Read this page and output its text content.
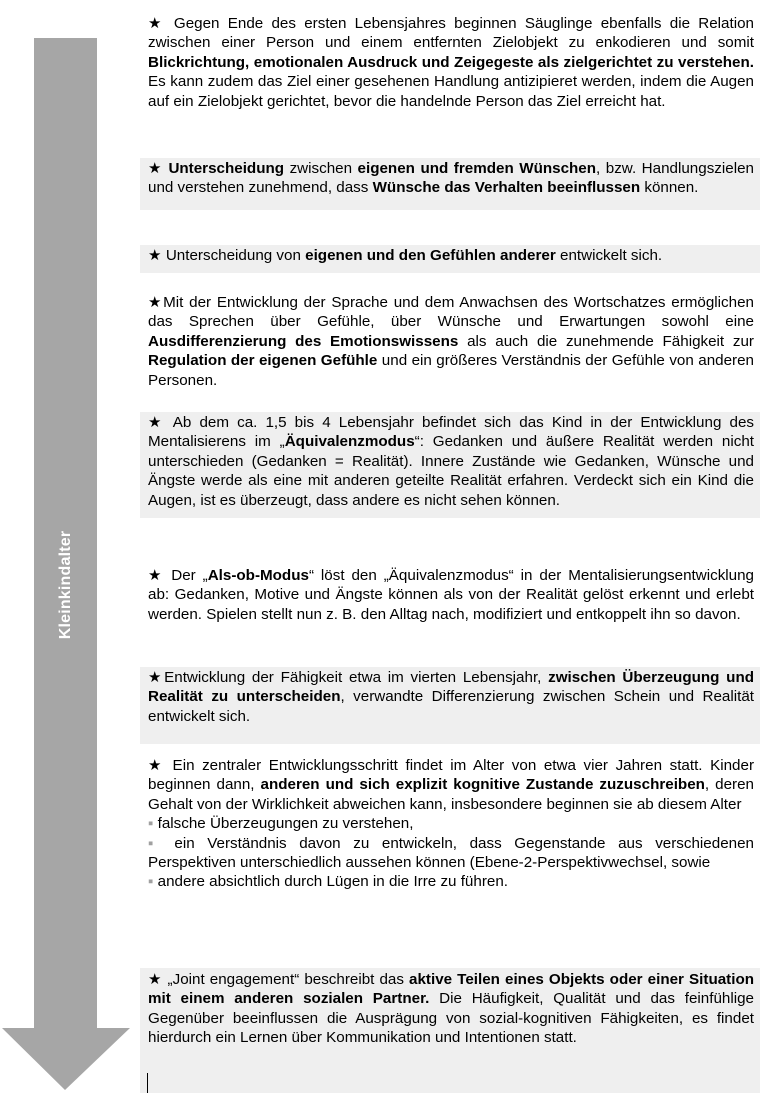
Kleinkindalter
★ Gegen Ende des ersten Lebensjahres beginnen Säuglinge ebenfalls die Relation zwischen einer Person und einem entfernten Zielobjekt zu enkodieren und somit Blickrichtung, emotionalen Ausdruck und Zeigegeste als zielgerichtet zu verstehen. Es kann zudem das Ziel einer gesehenen Handlung antizipieret werden, indem die Augen auf ein Zielobjekt gerichtet, bevor die handelnde Person das Ziel erreicht hat.
★ Unterscheidung zwischen eigenen und fremden Wünschen, bzw. Handlungszielen und verstehen zunehmend, dass Wünsche das Verhalten beeinflussen können.
★ Unterscheidung von eigenen und den Gefühlen anderer entwickelt sich.
★Mit der Entwicklung der Sprache und dem Anwachsen des Wortschatzes ermöglichen das Sprechen über Gefühle, über Wünsche und Erwartungen sowohl eine Ausdifferenzierung des Emotionswissens als auch die zunehmende Fähigkeit zur Regulation der eigenen Gefühle und ein größeres Verständnis der Gefühle von anderen Personen.
★ Ab dem ca. 1,5 bis 4 Lebensjahr befindet sich das Kind in der Entwicklung des Mentalisierens im „Äquivalenzmodus“: Gedanken und äußere Realität werden nicht unterschieden (Gedanken = Realität). Innere Zustände wie Gedanken, Wünsche und Ängste werde als eine mit anderen geteilte Realität erfahren. Verdeckt sich ein Kind die Augen, ist es überzeugt, dass andere es nicht sehen können.
★ Der „Als-ob-Modus“ löst den „Äquivalenzmodus“ in der Mentalisierungsentwicklung ab: Gedanken, Motive und Ängste können als von der Realität gelöst erkennt und erlebt werden. Spielen stellt nun z. B. den Alltag nach, modifiziert und entkoppelt ihn so davon.
★Entwicklung der Fähigkeit etwa im vierten Lebensjahr, zwischen Überzeugung und Realität zu unterscheiden, verwandte Differenzierung zwischen Schein und Realität entwickelt sich.
★ Ein zentraler Entwicklungsschritt findet im Alter von etwa vier Jahren statt. Kinder beginnen dann, anderen und sich explizit kognitive Zustande zuzuschreiben, deren Gehalt von der Wirklichkeit abweichen kann, insbesondere beginnen sie ab diesem Alter
▪ falsche Überzeugungen zu verstehen,
▪ ein Verständnis davon zu entwickeln, dass Gegenstande aus verschiedenen Perspektiven unterschiedlich aussehen können (Ebene-2-Perspektivwechsel, sowie
▪ andere absichtlich durch Lügen in die Irre zu führen.
★ „Joint engagement“ beschreibt das aktive Teilen eines Objekts oder einer Situation mit einem anderen sozialen Partner. Die Häufigkeit, Qualität und das feinfühlige Gegenüber beeinflussen die Ausprägung von sozial-kognitiven Fähigkeiten, es findet hierdurch ein Lernen über Kommunikation und Intentionen statt.
